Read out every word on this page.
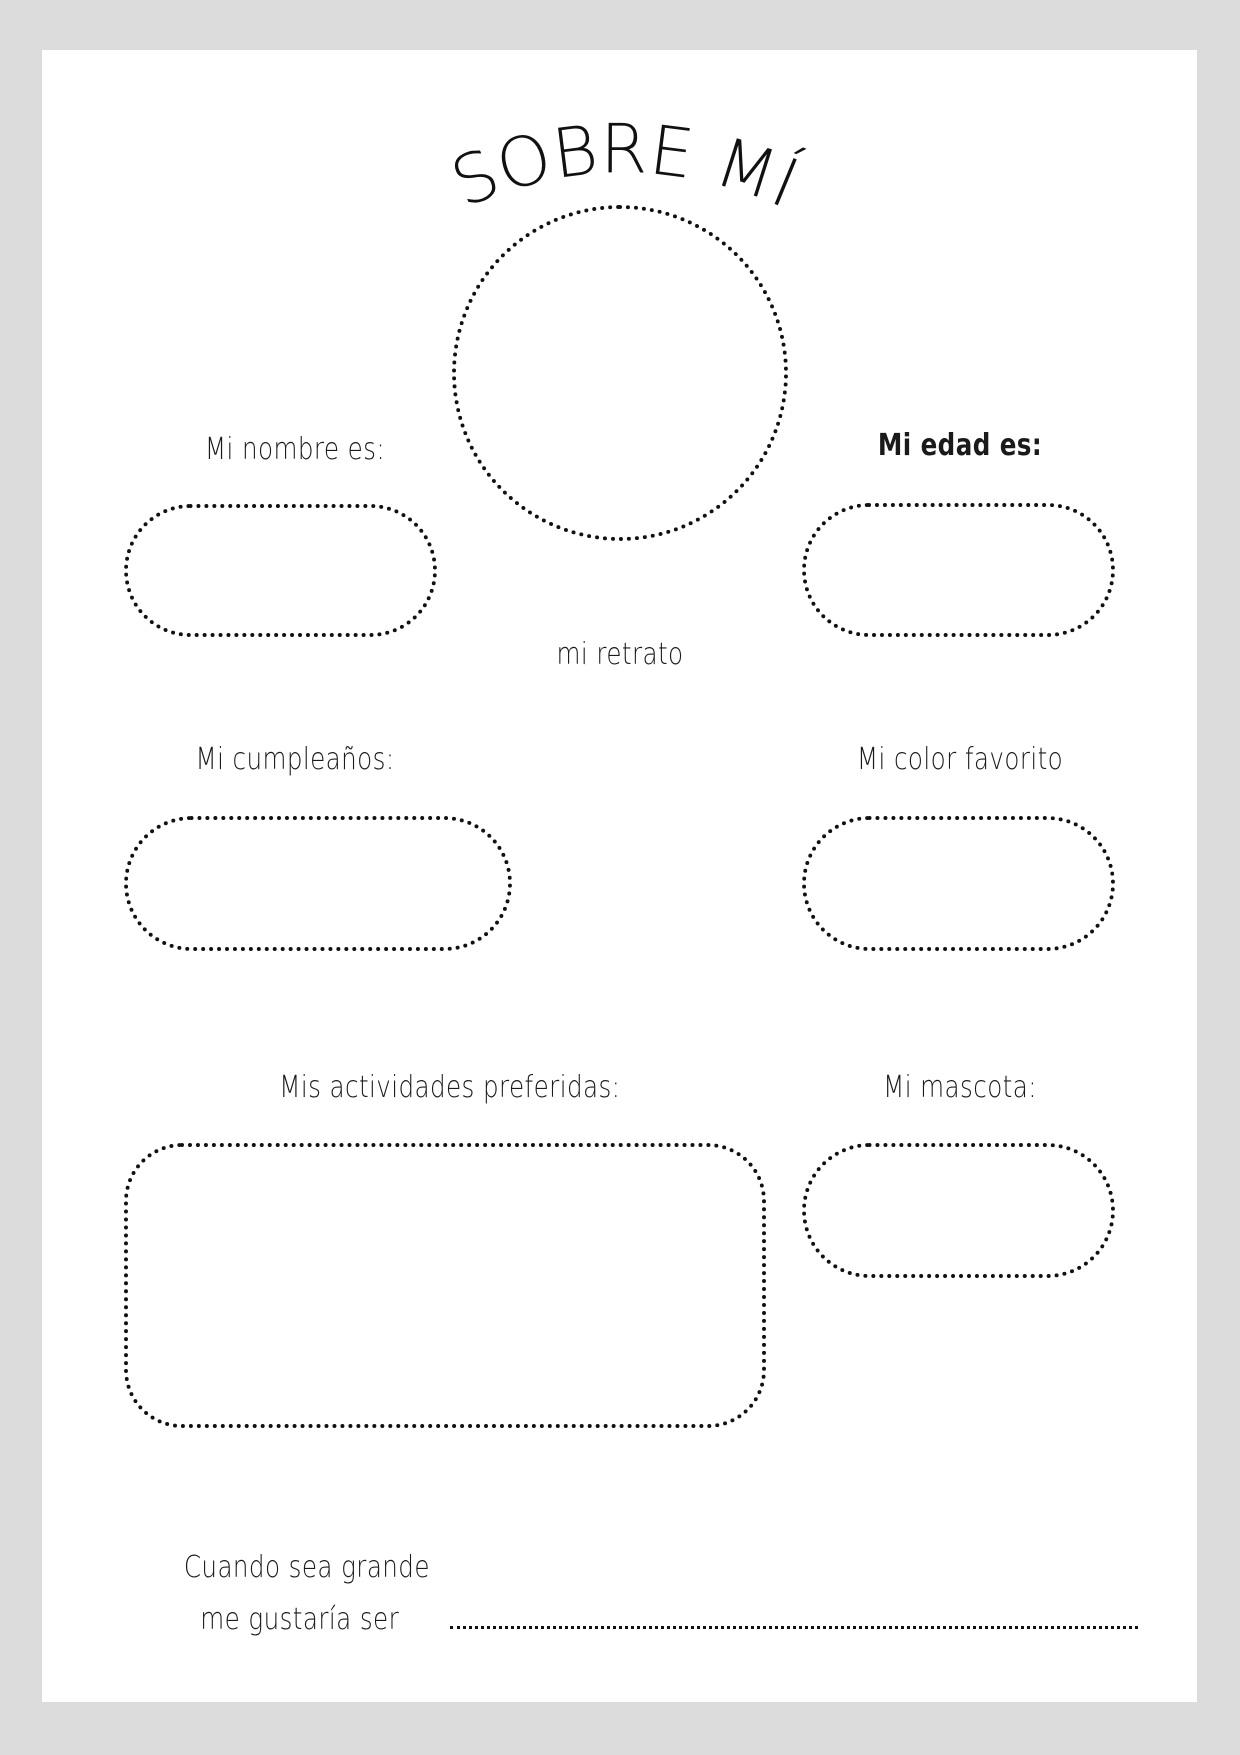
SOBRE MÍ
mi retrato
Mi nombre es:	Mi edad es:
Mi cumpleaños:	Mi color favorito
Mis actividades preferidas:	Mi mascota:
Cuando sea grande
me gustaría ser
